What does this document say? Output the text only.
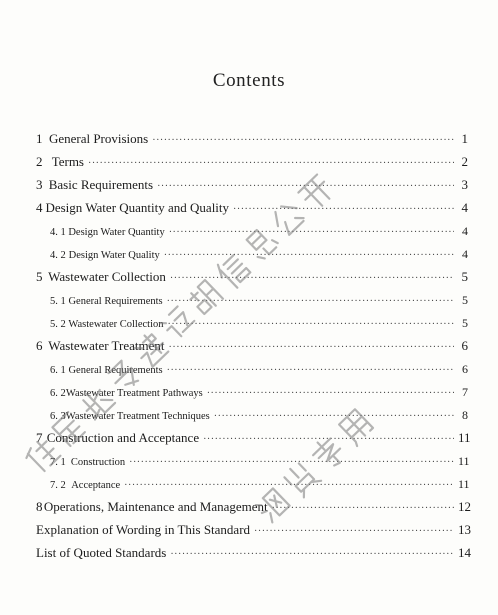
Contents
1 General Provisions ·····	1
2 Terms ·····	2
3 Basic Requirements ·····	3
4 Design Water Quantity and Quality ·····	4
4. 1 Design Water Quantity ·····	4
4. 2 Design Water Quality ·····	4
5 Wastewater Collection ·····	5
5. 1 General Requirements ·····	5
5. 2 Wastewater Collection ·····	5
6 Wastewater Treatment ·····	6
6. 1 General Requirements ·····	6
6. 2 Wastewater Treatment Pathways ·····	7
6. 3 Wastewater Treatment Techniques ·····	8
7 Construction and Acceptance ·····	11
7. 1 Construction ·····	11
7. 2 Acceptance ·····	11
8 Operations, Maintenance and Management ·····	12
Explanation of Wording in This Standard ·····	13
List of Quoted Standards ·····	14
